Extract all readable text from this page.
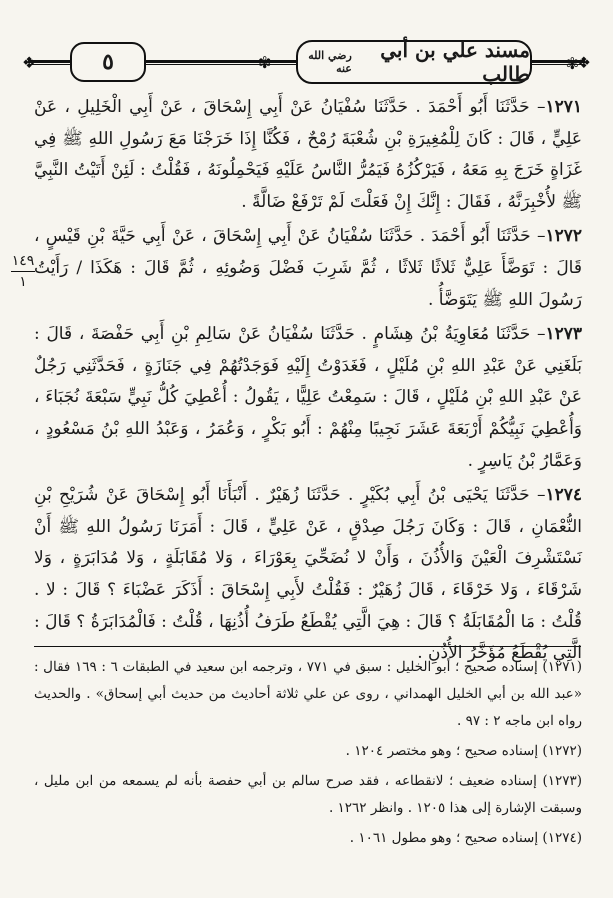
❖
❖	✾	✾
مسند علي بن أبي طالب
رضي الله عنه
٥
١٤٩
١

١٢٧١– حَدَّثَنَا أَبُو أَحْمَدَ . حَدَّثَنَا سُفْيَانُ عَنْ أَبِي إِسْحَاقَ ، عَنْ أَبِي الْخَلِيلِ ، عَنْ عَلِيٍّ ، قَالَ : كَانَ لِلْمُغِيرَةِ بْنِ شُعْبَةَ رُمْحٌ ، فَكُنَّا إِذَا خَرَجْنَا مَعَ رَسُولِ اللهِ ﷺ فِي غَزَاةٍ خَرَجَ بِهِ مَعَهُ ، فَيَرْكُزُهُ فَيَمُرُّ النَّاسُ عَلَيْهِ فَيَحْمِلُونَهُ ، فَقُلْتُ : لَئِنْ أَتَيْتُ النَّبِيَّ ﷺ لأُخْبِرَنَّهُ ، فَقَالَ : إِنَّكَ إِنْ فَعَلْتَ لَمْ تَرْفَعْ ضَالَّةً .

١٢٧٢– حَدَّثَنَا أَبُو أَحْمَدَ . حَدَّثَنَا سُفْيَانُ عَنْ أَبِي إِسْحَاقَ ، عَنْ أَبِي حَيَّةَ بْنِ قَيْسٍ ، قَالَ : تَوَضَّأَ عَلِيٌّ ثَلاثًا ثَلاثًا ، ثُمَّ شَرِبَ فَضْلَ وَضُوئِهِ ، ثُمَّ قَالَ : هَكَذَا / رَأَيْتُ رَسُولَ اللهِ ﷺ يَتَوَضَّأُ .

١٢٧٣– حَدَّثَنَا مُعَاوِيَةُ بْنُ هِشَامٍ . حَدَّثَنَا سُفْيَانُ عَنْ سَالِمِ بْنِ أَبِي حَفْصَةَ ، قَالَ : بَلَغَنِي عَنْ عَبْدِ اللهِ بْنِ مُلَيْلٍ ، فَغَدَوْتُ إِلَيْهِ فَوَجَدْتُهُمْ فِي جَنَازَةٍ ، فَحَدَّثَنِي رَجُلٌ عَنْ عَبْدِ اللهِ بْنِ مُلَيْلٍ ، قَالَ : سَمِعْتُ عَلِيًّا ، يَقُولُ : أُعْطِيَ كُلُّ نَبِيٍّ سَبْعَةَ نُجَبَاءَ ، وَأُعْطِيَ نَبِيُّكُمْ أَرْبَعَةَ عَشَرَ نَجِيبًا مِنْهُمْ : أَبُو بَكْرٍ ، وَعُمَرُ ، وَعَبْدُ اللهِ بْنُ مَسْعُودٍ ، وَعَمَّارُ بْنُ يَاسِرٍ .

١٢٧٤– حَدَّثَنَا يَحْيَى بْنُ أَبِي بُكَيْرٍ . حَدَّثَنَا زُهَيْرٌ . أَنْبَأَنَا أَبُو إِسْحَاقَ عَنْ شُرَيْحِ بْنِ النُّعْمَانِ ، قَالَ : وَكَانَ رَجُلَ صِدْقٍ ، عَنْ عَلِيٍّ ، قَالَ : أَمَرَنَا رَسُولُ اللهِ ﷺ أَنْ نَسْتَشْرِفَ الْعَيْنَ وَالأُذُنَ ، وَأَنْ لا نُضَحِّيَ بِعَوْرَاءَ ، وَلا مُقَابَلَةٍ ، وَلا مُدَابَرَةٍ ، وَلا شَرْقَاءَ ، وَلا خَرْقَاءَ ، قَالَ زُهَيْرٌ : فَقُلْتُ لأَبِي إِسْحَاقَ : أَذَكَرَ عَضْبَاءَ ؟ قَالَ : لا . قُلْتُ : مَا الْمُقَابَلَةُ ؟ قَالَ : هِيَ الَّتِي يُقْطَعُ طَرَفُ أُذُنِهَا ، قُلْتُ : فَالْمُدَابَرَةُ ؟ قَالَ : الَّتِي يُقْطَعُ مُؤَخَّرُ الأُذُنِ .

(١٢٧١) إسناده صحيح ؛ أبو الخليل : سبق في ٧٧١ ، وترجمه ابن سعيد في الطبقات ٦ : ١٦٩ فقال : «عبد الله بن أبي الخليل الهمداني ، روى عن علي ثلاثة أحاديث من حديث أبي إسحاق» . والحديث رواه ابن ماجه ٢ : ٩٧ .

(١٢٧٢) إسناده صحيح ؛ وهو مختصر ١٢٠٤ .

(١٢٧٣) إسناده ضعيف ؛ لانقطاعه ، فقد صرح سالم بن أبي حفصة بأنه لم يسمعه من ابن مليل ، وسبقت الإشارة إلى هذا ١٢٠٥ . وانظر ١٢٦٢ .

(١٢٧٤) إسناده صحيح ؛ وهو مطول ١٠٦١ .
